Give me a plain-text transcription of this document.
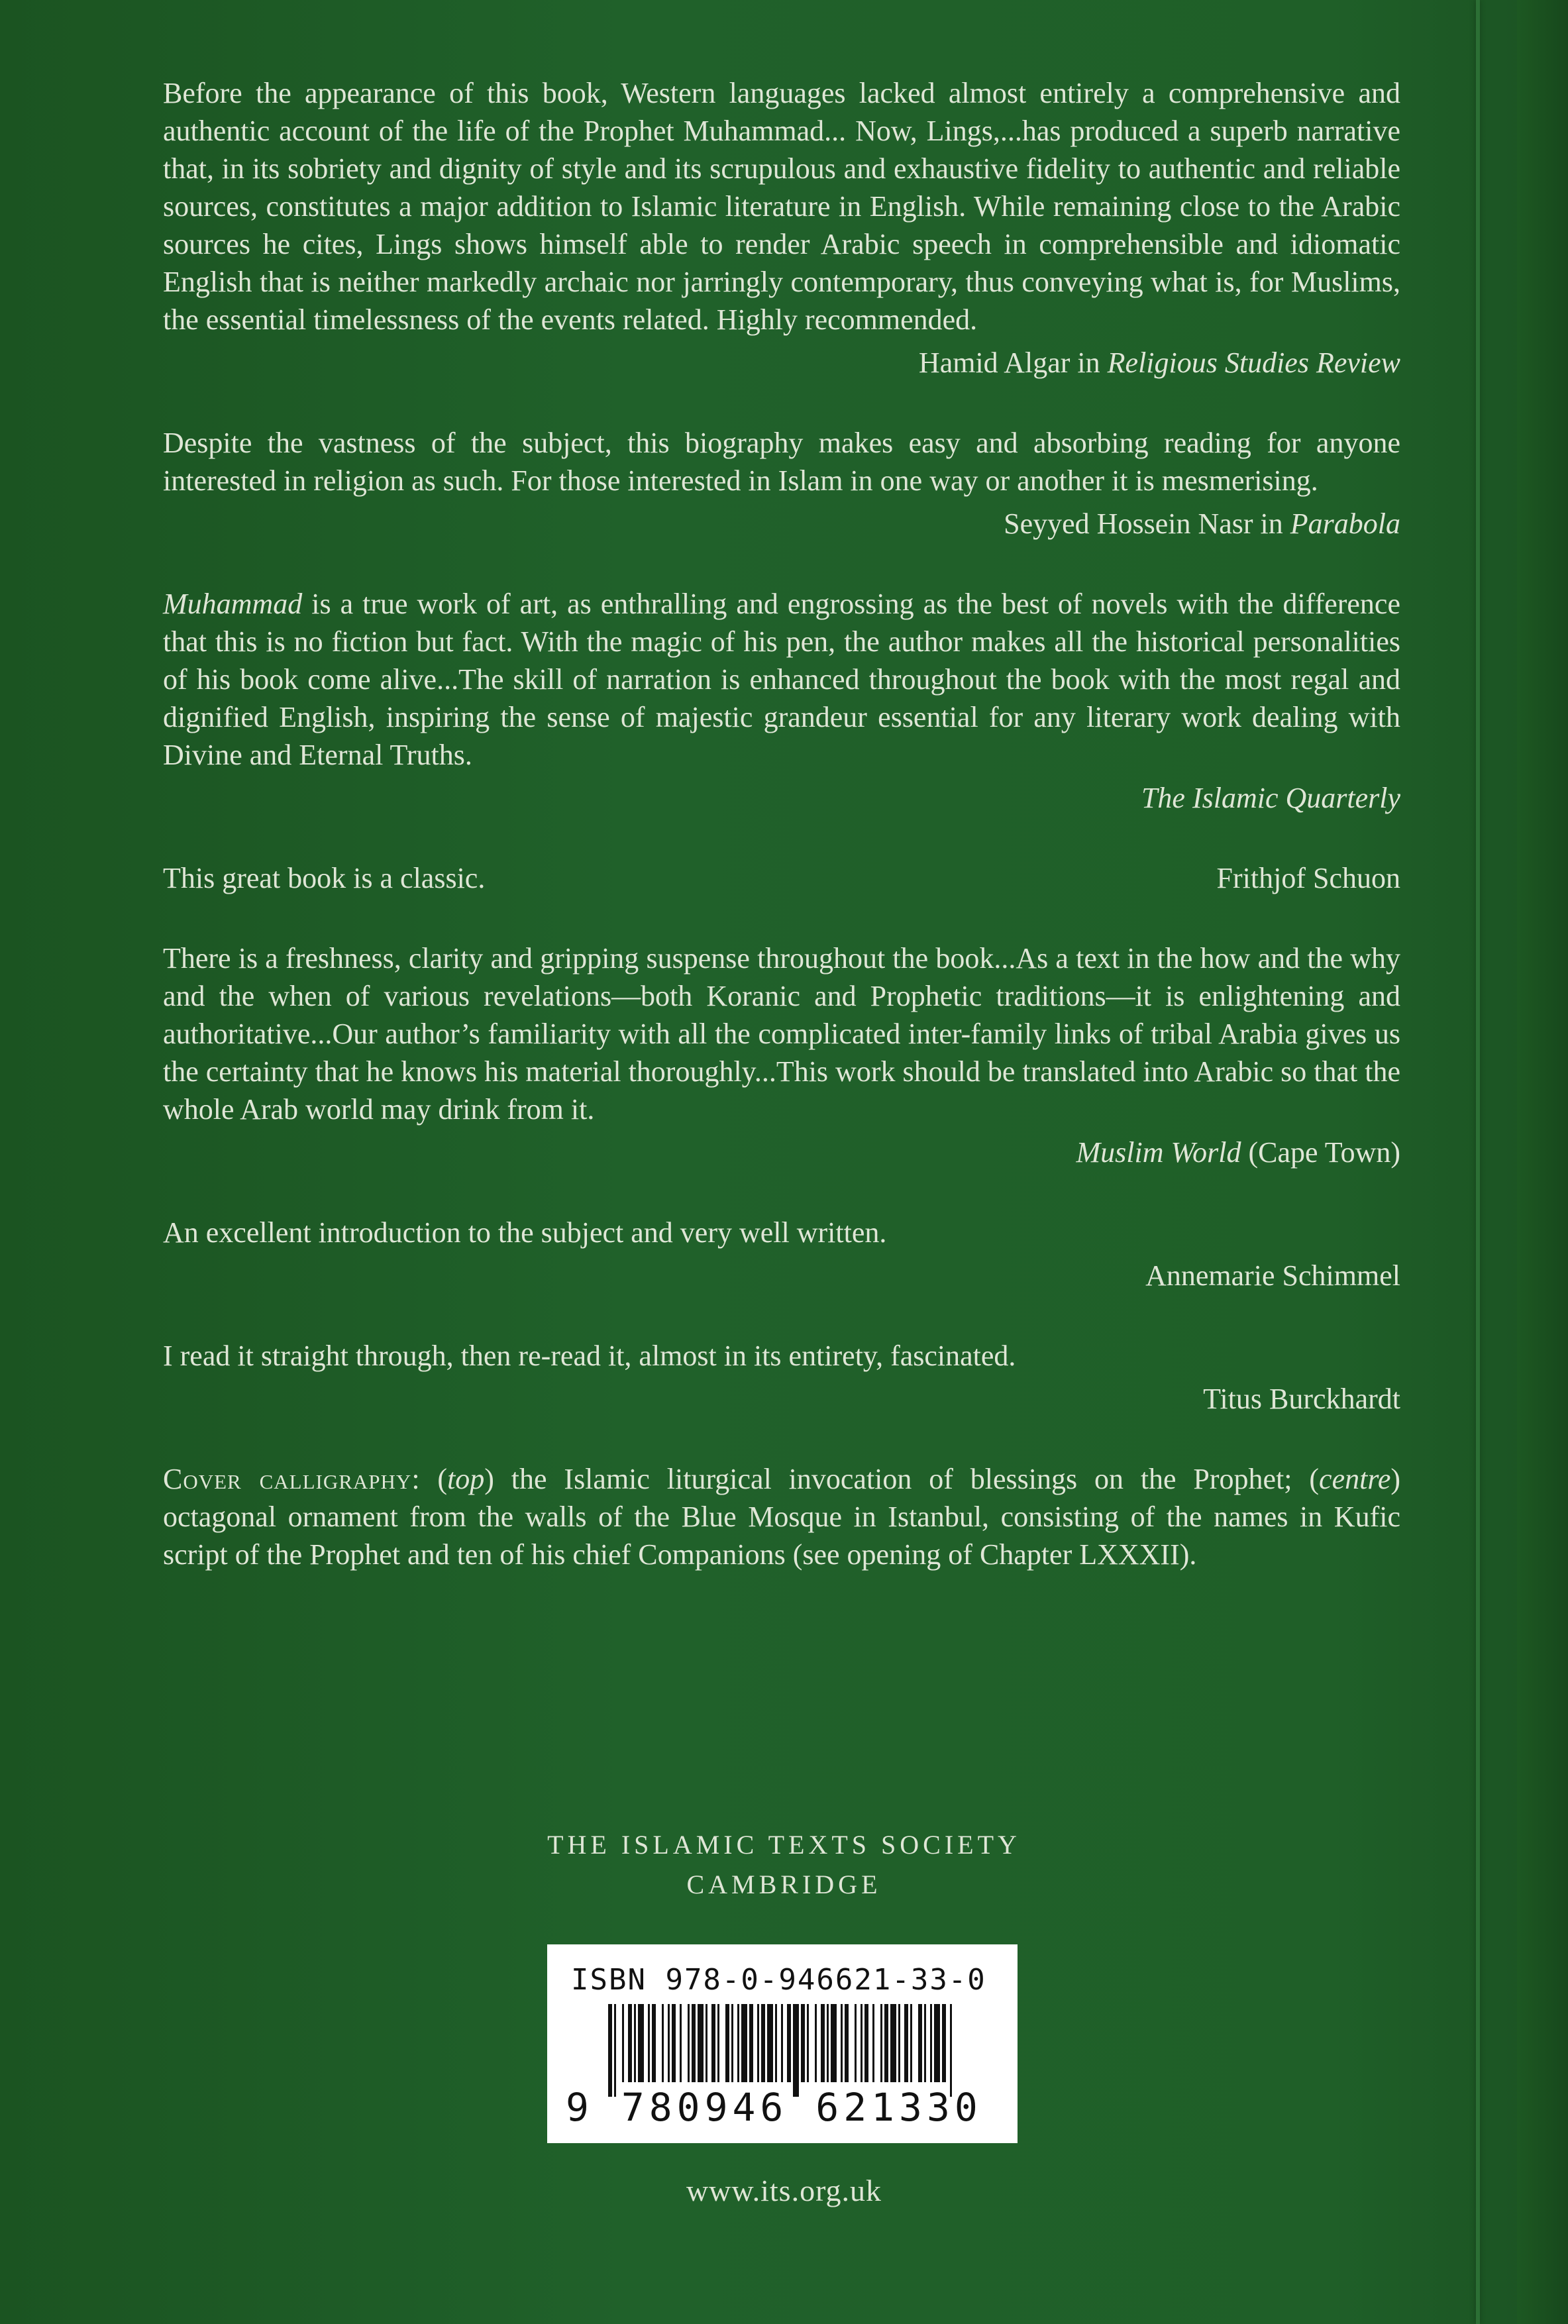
Before the appearance of this book, Western languages lacked almost entirely a comprehensive and authentic account of the life of the Prophet Muhammad... Now, Lings,...has produced a superb narrative that, in its sobriety and dignity of style and its scrupulous and exhaustive fidelity to authentic and reliable sources, constitutes a major addition to Islamic literature in English. While remaining close to the Arabic sources he cites, Lings shows himself able to render Arabic speech in comprehensible and idiomatic English that is neither markedly archaic nor jarringly contemporary, thus conveying what is, for Muslims, the essential timelessness of the events related. Highly recommended.

Hamid Algar in Religious Studies Review

Despite the vastness of the subject, this biography makes easy and absorbing reading for anyone interested in religion as such. For those interested in Islam in one way or another it is mesmerising.

Seyyed Hossein Nasr in Parabola

Muhammad is a true work of art, as enthralling and engrossing as the best of novels with the difference that this is no fiction but fact. With the magic of his pen, the author makes all the historical personalities of his book come alive...The skill of narration is enhanced throughout the book with the most regal and dignified English, inspiring the sense of majestic grandeur essential for any literary work dealing with Divine and Eternal Truths.

The Islamic Quarterly
This great book is a classic.	Frithjof Schuon

There is a freshness, clarity and gripping suspense throughout the book...As a text in the how and the why and the when of various revelations—both Koranic and Prophetic traditions—it is enlightening and authoritative...Our author’s familiarity with all the complicated inter-family links of tribal Arabia gives us the certainty that he knows his material thoroughly...This work should be translated into Arabic so that the whole Arab world may drink from it.

Muslim World (Cape Town)

An excellent introduction to the subject and very well written.

Annemarie Schimmel

I read it straight through, then re-read it, almost in its entirety, fascinated.

Titus Burckhardt

Cover calligraphy: (top) the Islamic liturgical invocation of blessings on the Prophet; (centre) octagonal ornament from the walls of the Blue Mosque in Istanbul, consisting of the names in Kufic script of the Prophet and ten of his chief Companions (see opening of Chapter LXXXII).

THE ISLAMIC TEXTS SOCIETY
CAMBRIDGE
ISBN 978-0-946621-33-0
9 780946 621330
www.its.org.uk
